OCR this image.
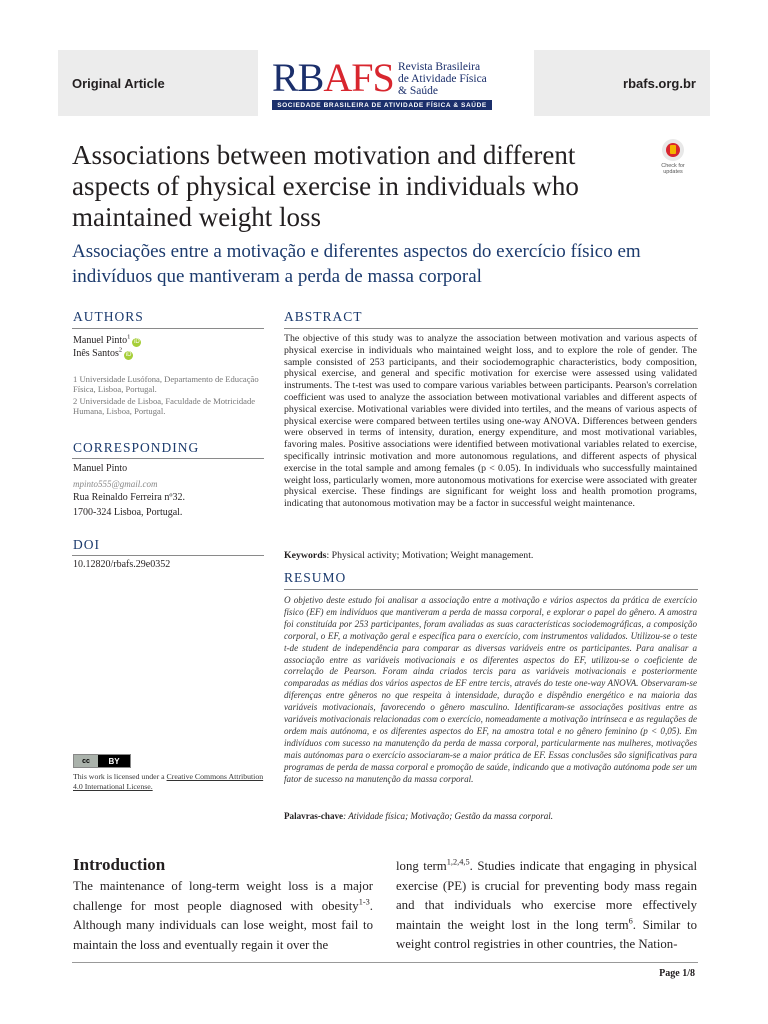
Original Article	RBAFS Revista Brasileira
de Atividade Física
& Saúde
SOCIEDADE BRASILEIRA DE ATIVIDADE FÍSICA & SAÚDE
rbafs.org.br
Associations between motivation and different aspects of physical exercise in individuals who maintained weight loss
Check for updates
Associações entre a motivação e diferentes aspectos do exercício físico em indivíduos que mantiveram a perda de massa corporal
AUTHORS
Manuel Pinto$^1$iD
Inês Santos$^2$iD
1 Universidade Lusófona, Departamento de Educação Física, Lisboa, Portugal.
2 Universidade de Lisboa, Faculdade de Motricidade Humana, Lisboa, Portugal.
CORRESPONDING
Manuel Pinto
mpinto555@gmail.com
Rua Reinaldo Ferreira nº32.
1700-324 Lisboa, Portugal.
DOI
10.12820/rbafs.29e0352
cc	BY
This work is licensed under a Creative Commons Attribution 4.0 International License.
ABSTRACT
The objective of this study was to analyze the association between motivation and various aspects of physical exercise in individuals who maintained weight loss, and to explore the role of gender. The sample consisted of 253 participants, and their sociodemographic characteristics, body composition, physical exercise, and general and specific motivation for exercise were assessed using validated instruments. The t-test was used to compare various variables between participants. Pearson's correlation coefficient was used to analyze the association between motivational variables and different aspects of physical exercise. Motivational variables were divided into tertiles, and the means of various aspects of physical exercise were compared between tertiles using one-way ANOVA. Differences between genders were observed in terms of intensity, duration, energy expenditure, and most motivational variables, favoring males. Positive associations were identified between motivational variables related to exercise, specifically intrinsic motivation and more autonomous regulations, and different aspects of physical exercise in the total sample and among females (p < 0.05). In individuals who successfully maintained weight loss, particularly women, more autonomous motivations for exercise were associated with greater physical exercise. These findings are significant for weight loss and health promotion programs, indicating that autonomous motivation may be a factor in successful weight maintenance.
Keywords: Physical activity; Motivation; Weight management.
RESUMO
O objetivo deste estudo foi analisar a associação entre a motivação e vários aspectos da prática de exercício físico (EF) em indivíduos que mantiveram a perda de massa corporal, e explorar o papel do gênero. A amostra foi constituída por 253 participantes, foram avaliadas as suas características sociodemográficas, a composição corporal, o EF, a motivação geral e específica para o exercício, com instrumentos validados. Utilizou-se o teste t-de student de independência para comparar as diversas variáveis entre os participantes. Para analisar a associação entre as variáveis motivacionais e os diferentes aspectos do EF, utilizou-se o coeficiente de correlação de Pearson. Foram ainda criados tercis para as variáveis motivacionais e posteriormente comparadas as médias dos vários aspectos de EF entre tercis, através do teste one-way ANOVA. Observaram-se diferenças entre gêneros no que respeita à intensidade, duração e dispêndio energético e na maioria das variáveis motivacionais, favorecendo o gênero masculino. Identificaram-se associações positivas entre as variáveis motivacionais relacionadas com o exercício, nomeadamente a motivação intrínseca e as regulações de ordem mais autónoma, e os diferentes aspectos do EF, na amostra total e no gênero feminino (p < 0,05). Em indivíduos com sucesso na manutenção da perda de massa corporal, particularmente nas mulheres, motivações mais autónomas para o exercício associaram-se a maior prática de EF. Essas conclusões são significativas para programas de perda de massa corporal e promoção de saúde, indicando que a motivação autónoma pode ser um fator de sucesso na manutenção da massa corporal.
Palavras-chave: Atividade física; Motivação; Gestão da massa corporal.
Introduction
The maintenance of long-term weight loss is a major challenge for most people diagnosed with obesity$^{1-3}$. Although many individuals can lose weight, most fail to maintain the loss and eventually regain it over the
long term$^{1,2,4,5}$. Studies indicate that engaging in physical exercise (PE) is crucial for preventing body mass regain and that individuals who exercise more effectively maintain the weight lost in the long term$^6$. Similar to weight control registries in other countries, the Nation-
Page 1/8
